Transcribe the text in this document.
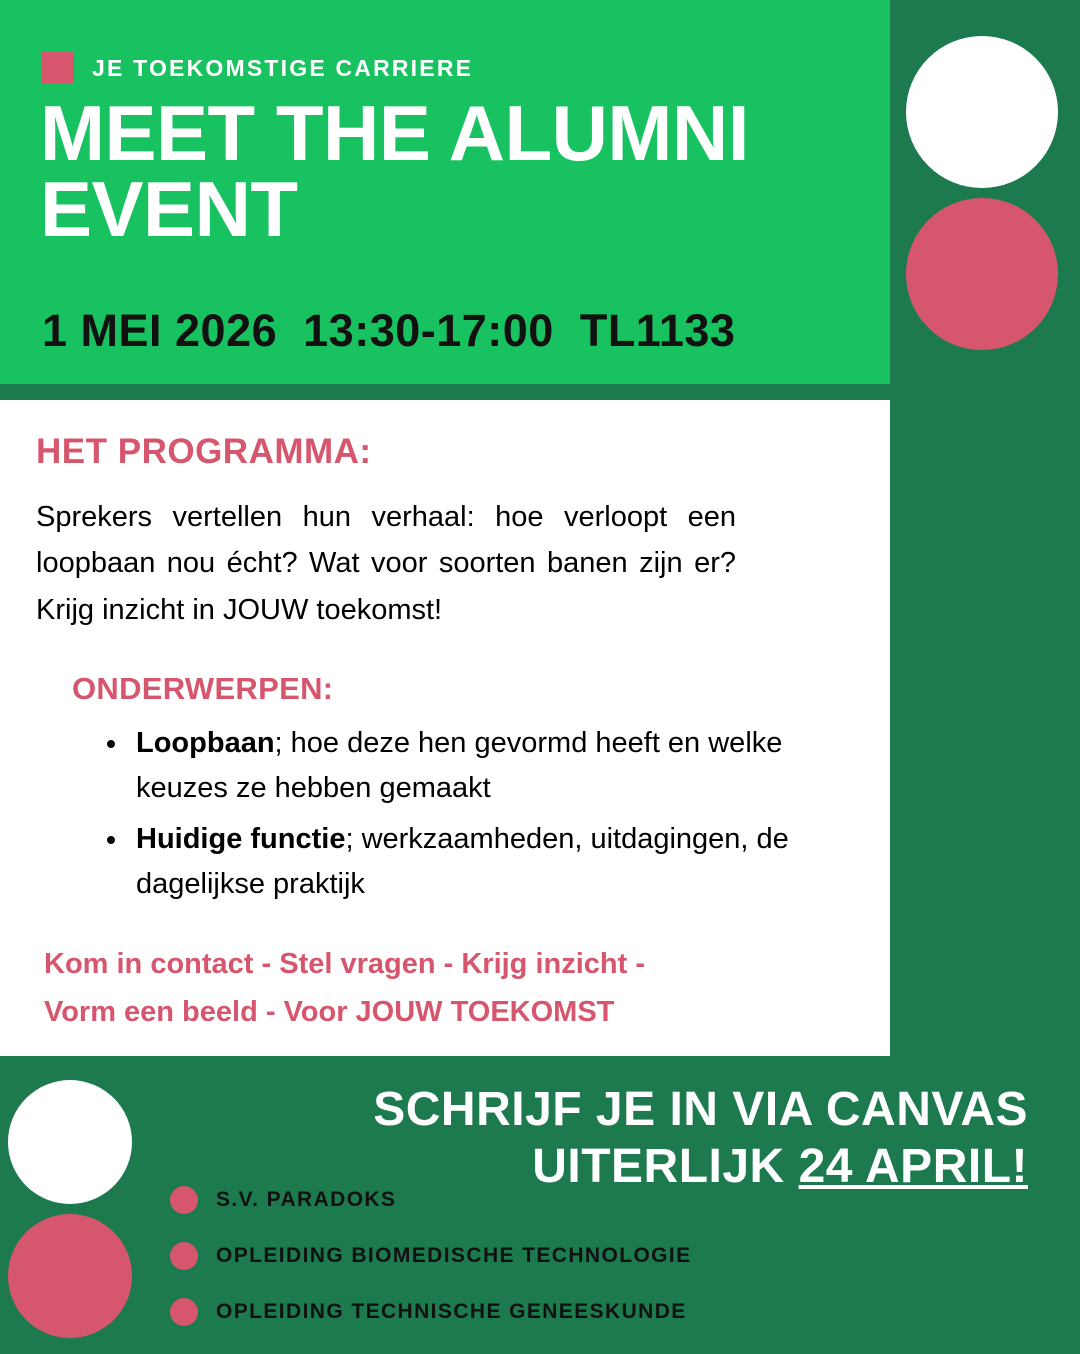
JE TOEKOMSTIGE CARRIERE
MEET THE ALUMNI
EVENT
1 MEI 2026 13:30-17:00 TL1133
HET PROGRAMMA:

Sprekers vertellen hun verhaal: hoe verloopt een loopbaan nou écht? Wat voor soorten banen zijn er? Krijg inzicht in JOUW toekomst!

ONDERWERPEN:
• Loopbaan; hoe deze hen gevormd heeft en welke keuzes ze hebben gemaakt
• Huidige functie; werkzaamheden, uitdagingen, de dagelijkse praktijk
Kom in contact - Stel vragen - Krijg inzicht -
Vorm een beeld - Voor JOUW TOEKOMST
SCHRIJF JE IN VIA CANVAS
UITERLIJK 24 APRIL!
S.V. PARADOKS
OPLEIDING BIOMEDISCHE TECHNOLOGIE
OPLEIDING TECHNISCHE GENEESKUNDE
